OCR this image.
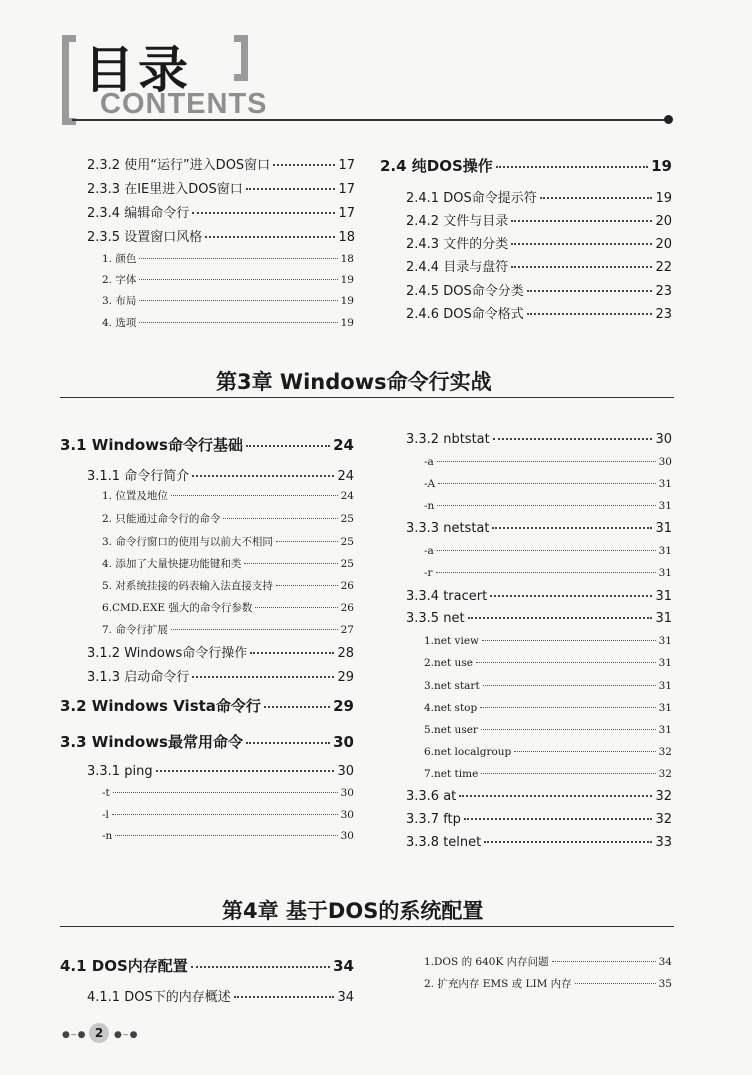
目录
CONTENTS
2.3.2 使用“运行”进入DOS窗口	17
2.3.3 在IE里进入DOS窗口	17
2.3.4 编辑命令行	17
2.3.5 设置窗口风格	18
1. 颜色	18
2. 字体	19
3. 布局	19
4. 选项	19
2.4 纯DOS操作	19
2.4.1 DOS命令提示符	19
2.4.2 文件与目录	20
2.4.3 文件的分类	20
2.4.4 目录与盘符	22
2.4.5 DOS命令分类	23
2.4.6 DOS命令格式	23
第3章 Windows命令行实战
3.1 Windows命令行基础	24
3.1.1 命令行简介	24
1. 位置及地位	24
2. 只能通过命令行的命令	25
3. 命令行窗口的使用与以前大不相同	25
4. 添加了大量快捷功能键和类	25
5. 对系统挂接的码表输入法直接支持	26
6.CMD.EXE 强大的命令行参数	26
7. 命令行扩展	27
3.1.2 Windows命令行操作	28
3.1.3 启动命令行	29
3.2 Windows Vista命令行	29
3.3 Windows最常用命令	30
3.3.1 ping	30
-t	30
-l	30
-n	30
3.3.2 nbtstat	30
-a	30
-A	31
-n	31
3.3.3 netstat	31
-a	31
-r	31
3.3.4 tracert	31
3.3.5 net	31
1.net view	31
2.net use	31
3.net start	31
4.net stop	31
5.net user	31
6.net localgroup	32
7.net time	32
3.3.6 at	32
3.3.7 ftp	32
3.3.8 telnet	33
第4章 基于DOS的系统配置
4.1 DOS内存配置	34
4.1.1 DOS下的内存概述	34
1.DOS 的 640K 内存问题	34
2. 扩充内存 EMS 或 LIM 内存	35
●‒● 2	●‒●
